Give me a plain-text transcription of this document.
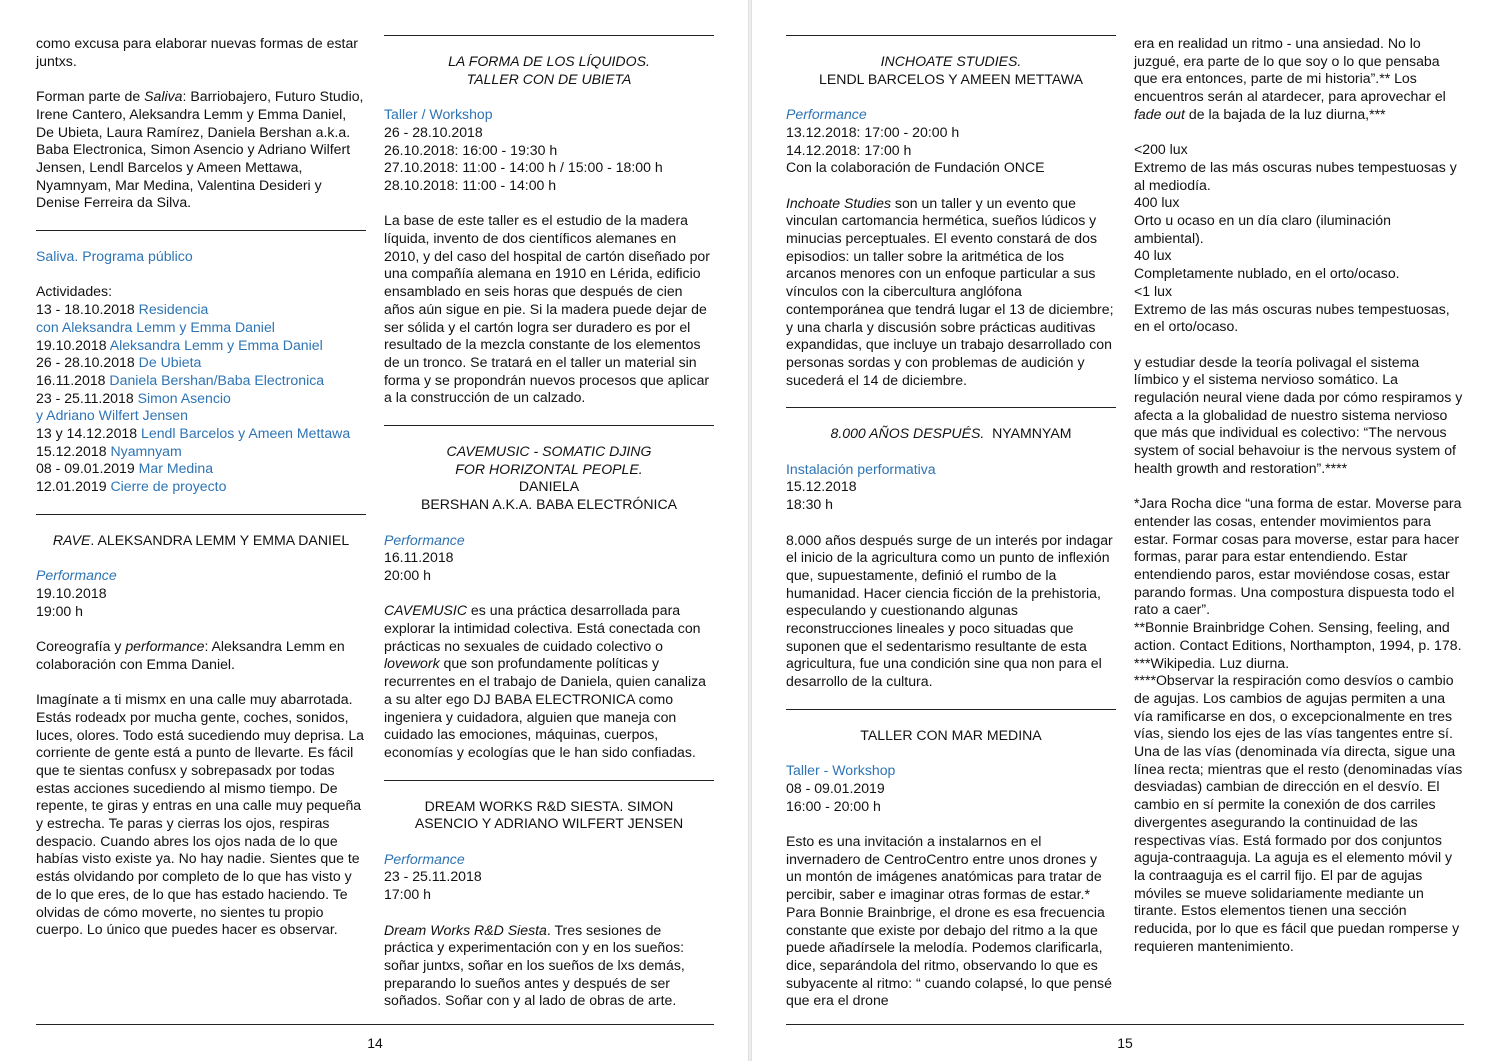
como excusa para elaborar nuevas formas de estar juntxs.

Forman parte de Saliva: Barriobajero, Futuro Studio, Irene Cantero, Aleksandra Lemm y Emma Daniel, De Ubieta, Laura Ramírez, Daniela Bershan a.k.a. Baba Electronica, Simon Asencio y Adriano Wilfert Jensen, Lendl Barcelos y Ameen Mettawa, Nyamnyam, Mar Medina, Valentina Desideri y Denise Ferreira da Silva.

Saliva. Programa público

Actividades:
13 - 18.10.2018 Residencia
con Aleksandra Lemm y Emma Daniel
19.10.2018 Aleksandra Lemm y Emma Daniel
26 - 28.10.2018 De Ubieta
16.11.2018 Daniela Bershan/Baba Electronica
23 - 25.11.2018 Simon Asencio
y Adriano Wilfert Jensen
13 y 14.12.2018 Lendl Barcelos y Ameen Mettawa
15.12.2018 Nyamnyam
08 - 09.01.2019 Mar Medina
12.01.2019 Cierre de proyecto

RAVE. ALEKSANDRA LEMM Y EMMA DANIEL

Performance
19.10.2018
19:00 h

Coreografía y performance: Aleksandra Lemm en colaboración con Emma Daniel.

Imagínate a ti mismx en una calle muy abarrotada. Estás rodeadx por mucha gente, coches, sonidos, luces, olores. Todo está sucediendo muy deprisa. La corriente de gente está a punto de llevarte. Es fácil que te sientas confusx y sobrepasadx por todas estas acciones sucediendo al mismo tiempo. De repente, te giras y entras en una calle muy pequeña y estrecha. Te paras y cierras los ojos, respiras despacio. Cuando abres los ojos nada de lo que habías visto existe ya. No hay nadie. Sientes que te estás olvidando por completo de lo que has visto y de lo que eres, de lo que has estado haciendo. Te olvidas de cómo moverte, no sientes tu propio cuerpo. Lo único que puedes hacer es observar.

LA FORMA DE LOS LÍQUIDOS.
TALLER CON DE UBIETA

Taller / Workshop
26 - 28.10.2018
26.10.2018: 16:00 - 19:30 h
27.10.2018: 11:00 - 14:00 h / 15:00 - 18:00 h
28.10.2018: 11:00 - 14:00 h

La base de este taller es el estudio de la madera líquida, invento de dos científicos alemanes en 2010, y del caso del hospital de cartón diseñado por una compañía alemana en 1910 en Lérida, edificio ensamblado en seis horas que después de cien años aún sigue en pie. Si la madera puede dejar de ser sólida y el cartón logra ser duradero es por el resultado de la mezcla constante de los elementos de un tronco. Se tratará en el taller un material sin forma y se propondrán nuevos procesos que aplicar a la construcción de un calzado.

CAVEMUSIC - SOMATIC DJING
FOR HORIZONTAL PEOPLE.
DANIELA
BERSHAN A.K.A. BABA ELECTRÓNICA

Performance
16.11.2018
20:00 h

CAVEMUSIC es una práctica desarrollada para explorar la intimidad colectiva. Está conectada con prácticas no sexuales de cuidado colectivo o lovework que son profundamente políticas y recurrentes en el trabajo de Daniela, quien canaliza a su alter ego DJ BABA ELECTRONICA como ingeniera y cuidadora, alguien que maneja con cuidado las emociones, máquinas, cuerpos, economías y ecologías que le han sido confiadas.

DREAM WORKS R&D SIESTA. SIMON
ASENCIO Y ADRIANO WILFERT JENSEN

Performance
23 - 25.11.2018
17:00 h

Dream Works R&D Siesta. Tres sesiones de práctica y experimentación con y en los sueños: soñar juntxs, soñar en los sueños de lxs demás, preparando lo sueños antes y después de ser soñados. Soñar con y al lado de obras de arte.

14

INCHOATE STUDIES.
LENDL BARCELOS Y AMEEN METTAWA

Performance
13.12.2018: 17:00 - 20:00 h
14.12.2018: 17:00 h
Con la colaboración de Fundación ONCE

Inchoate Studies son un taller y un evento que vinculan cartomancia hermética, sueños lúdicos y minucias perceptuales. El evento constará de dos episodios: un taller sobre la aritmética de los arcanos menores con un enfoque particular a sus vínculos con la cibercultura anglófona contemporánea que tendrá lugar el 13 de diciembre; y una charla y discusión sobre prácticas auditivas expandidas, que incluye un trabajo desarrollado con personas sordas y con problemas de audición y sucederá el 14 de diciembre.

8.000 AÑOS DESPUÉS.  NYAMNYAM

Instalación performativa
15.12.2018
18:30 h

8.000 años después surge de un interés por indagar el inicio de la agricultura como un punto de inflexión que, supuestamente, definió el rumbo de la humanidad. Hacer ciencia ficción de la prehistoria, especulando y cuestionando algunas reconstrucciones lineales y poco situadas que suponen que el sedentarismo resultante de esta agricultura, fue una condición sine qua non para el desarrollo de la cultura.

TALLER CON MAR MEDINA

Taller - Workshop
08 - 09.01.2019
16:00 - 20:00 h

Esto es una invitación a instalarnos en el invernadero de CentroCentro entre unos drones y un montón de imágenes anatómicas para tratar de percibir, saber e imaginar otras formas de estar.* Para Bonnie Brainbrige, el drone es esa frecuencia constante que existe por debajo del ritmo a la que puede añadírsele la melodía. Podemos clarificarla, dice, separándola del ritmo, observando lo que es subyacente al ritmo: “ cuando colapsé, lo que pensé que era el drone

era en realidad un ritmo - una ansiedad. No lo juzgué, era parte de lo que soy o lo que pensaba que era entonces, parte de mi historia”.** Los encuentros serán al atardecer, para aprovechar el fade out de la bajada de la luz diurna,***

<200 lux
Extremo de las más oscuras nubes tempestuosas y al mediodía.
400 lux
Orto u ocaso en un día claro (iluminación ambiental).
40 lux
Completamente nublado, en el orto/ocaso.
<1 lux
Extremo de las más oscuras nubes tempestuosas, en el orto/ocaso.

y estudiar desde la teoría polivagal el sistema límbico y el sistema nervioso somático. La regulación neural viene dada por cómo respiramos y afecta a la globalidad de nuestro sistema nervioso que más que individual es colectivo: “The nervous system of social behavoiur is the nervous system of health growth and restoration”.****

*Jara Rocha dice “una forma de estar. Moverse para entender las cosas, entender movimientos para estar. Formar cosas para moverse, estar para hacer formas, parar para estar entendiendo. Estar entendiendo paros, estar moviéndose cosas, estar parando formas. Una compostura dispuesta todo el rato a caer”.
**Bonnie Brainbridge Cohen. Sensing, feeling, and action. Contact Editions, Northampton, 1994, p. 178.
***Wikipedia. Luz diurna.
****Observar la respiración como desvíos o cambio de agujas. Los cambios de agujas permiten a una vía ramificarse en dos, o excepcionalmente en tres vías, siendo los ejes de las vías tangentes entre sí. Una de las vías (denominada vía directa, sigue una línea recta; mientras que el resto (denominadas vías desviadas) cambian de dirección en el desvío. El cambio en sí permite la conexión de dos carriles divergentes asegurando la continuidad de las respectivas vías. Está formado por dos conjuntos aguja-contraaguja. La aguja es el elemento móvil y la contraaguja es el carril fijo. El par de agujas móviles se mueve solidariamente mediante un tirante. Estos elementos tienen una sección reducida, por lo que es fácil que puedan romperse y requieren mantenimiento.

15
